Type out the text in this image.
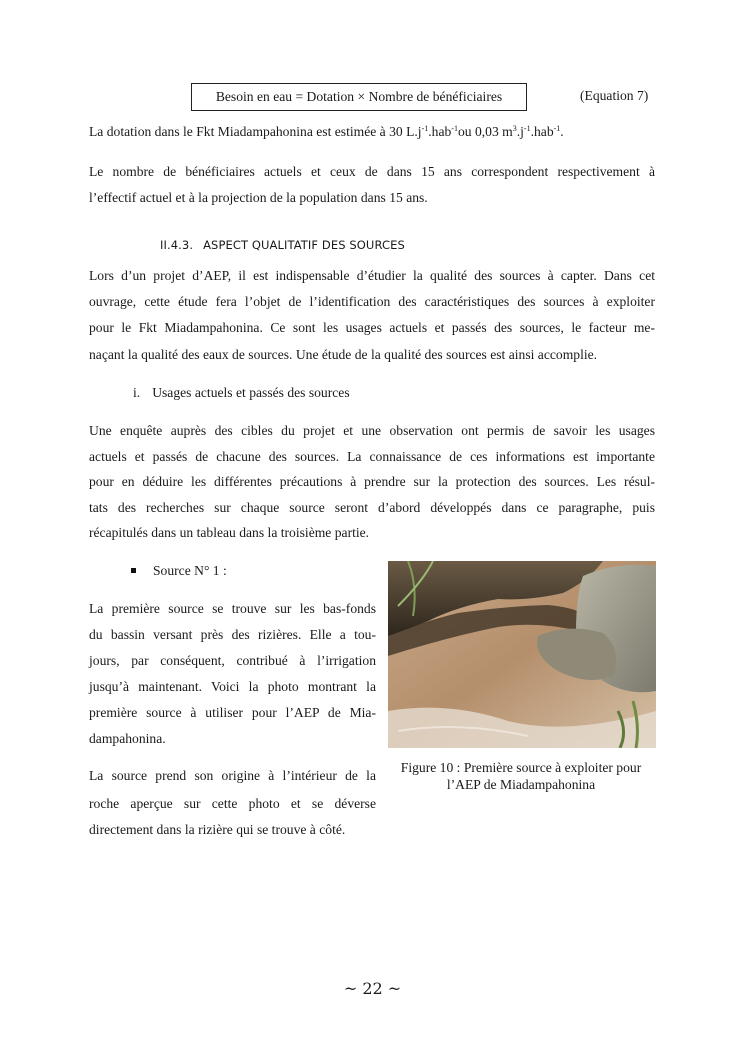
Besoin en eau = Dotation × Nombre de bénéficiaires	(Equation 7)
La dotation dans le Fkt Miadampahonina est estimée à 30 $L.j^{-1}.hab^{-1}ou$ 0,03 $m^3.j^{-1}.hab^{-1}$.
Le nombre de bénéficiaires actuels et ceux de dans 15 ans correspondent respectivement à
l’effectif actuel et à la projection de la population dans 15 ans.
II.4.3. ASPECT QUALITATIF DES SOURCES
Lors d’un projet d’AEP, il est indispensable d’étudier la qualité des sources à capter. Dans cet
ouvrage, cette étude fera l’objet de l’identification des caractéristiques des sources à exploiter
pour le Fkt Miadampahonina. Ce sont les usages actuels et passés des sources, le facteur me-
naçant la qualité des eaux de sources. Une étude de la qualité des sources est ainsi accomplie.
i. Usages actuels et passés des sources
Une enquête auprès des cibles du projet et une observation ont permis de savoir les usages
actuels et passés de chacune des sources. La connaissance de ces informations est importante
pour en déduire les différentes précautions à prendre sur la protection des sources. Les résul-
tats des recherches sur chaque source seront d’abord développés dans ce paragraphe, puis
récapitulés dans un tableau dans la troisième partie.
Source N° 1 :
La première source se trouve sur les bas-fonds
du bassin versant près des rizières. Elle a tou-
jours, par conséquent, contribué à l’irrigation
jusqu’à maintenant. Voici la photo montrant la
première source à utiliser pour l’AEP de Mia-
dampahonina.
La source prend son origine à l’intérieur de la
roche aperçue sur cette photo et se déverse
directement dans la rizière qui se trouve à côté.
Figure 10 : Première source à exploiter pour
l’AEP de Miadampahonina
~ 22 ~
